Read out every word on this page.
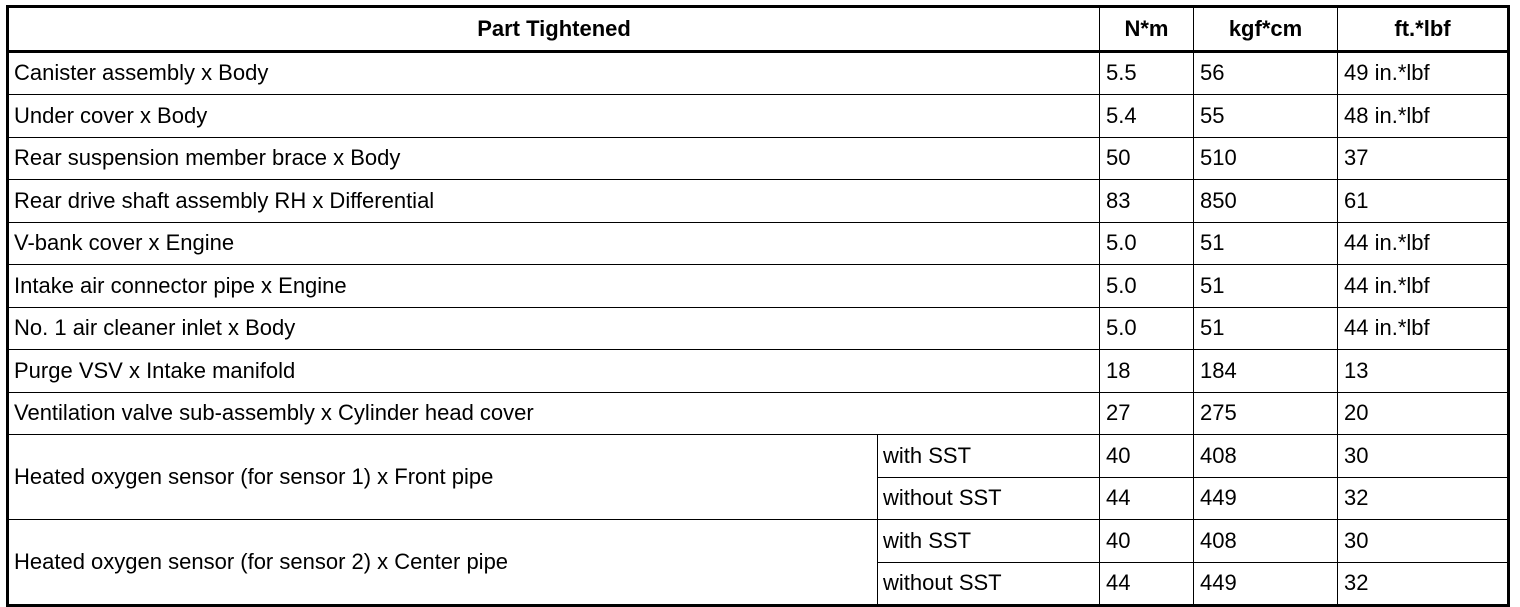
Part Tightened		N*m	kgf*cm	ft.*lbf
Canister assembly x Body		5.5	56	49 in.*lbf
Under cover x Body		5.4	55	48 in.*lbf
Rear suspension member brace x Body		50	510	37
Rear drive shaft assembly RH x Differential		83	850	61
V-bank cover x Engine		5.0	51	44 in.*lbf
Intake air connector pipe x Engine		5.0	51	44 in.*lbf
No. 1 air cleaner inlet x Body		5.0	51	44 in.*lbf
Purge VSV x Intake manifold		18	184	13
Ventilation valve sub-assembly x Cylinder head cover		27	275	20
Heated oxygen sensor (for sensor 1) x Front pipe	with SST	40	408	30
	without SST	44	449	32
Heated oxygen sensor (for sensor 2) x Center pipe	with SST	40	408	30
	without SST	44	449	32
